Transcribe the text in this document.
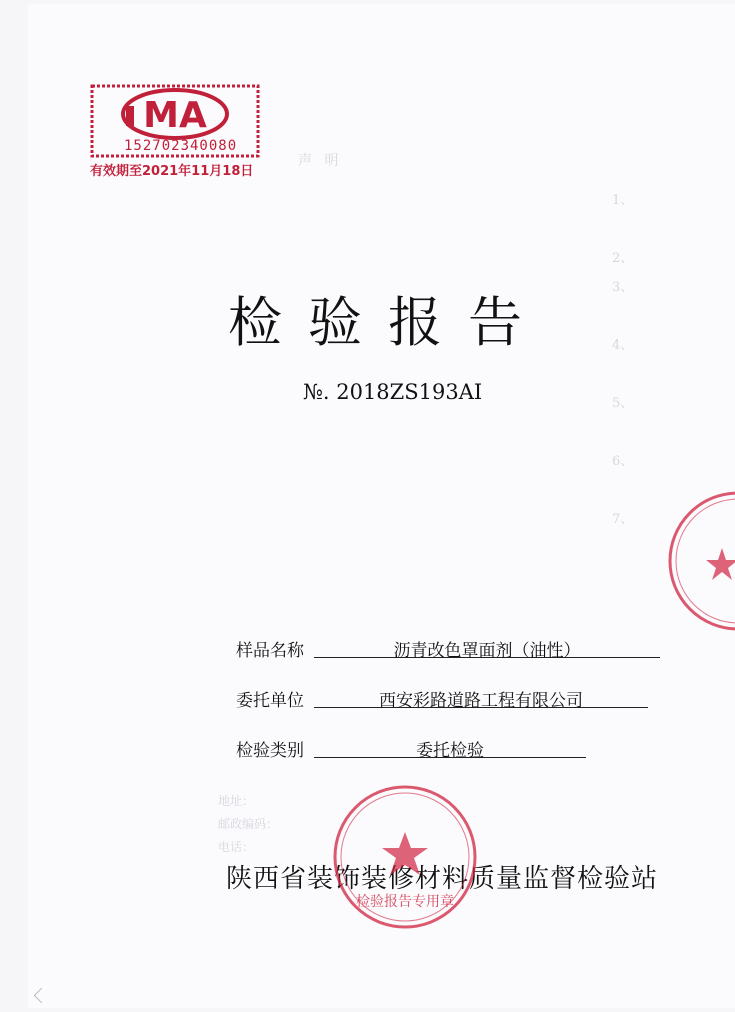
声 明
1、

2、
3、

4、

5、

6、

7、

地址：
邮政编码：
电话：
MA
152702340080
有效期至2021年11月18日
检验报告
№. 2018ZS193AI
样品名称	沥青改色罩面剂（油性）
委托单位	西安彩路道路工程有限公司
检验类别	委托检验
陕西省装饰装修材料质量监督检验站
检验报告专用章
